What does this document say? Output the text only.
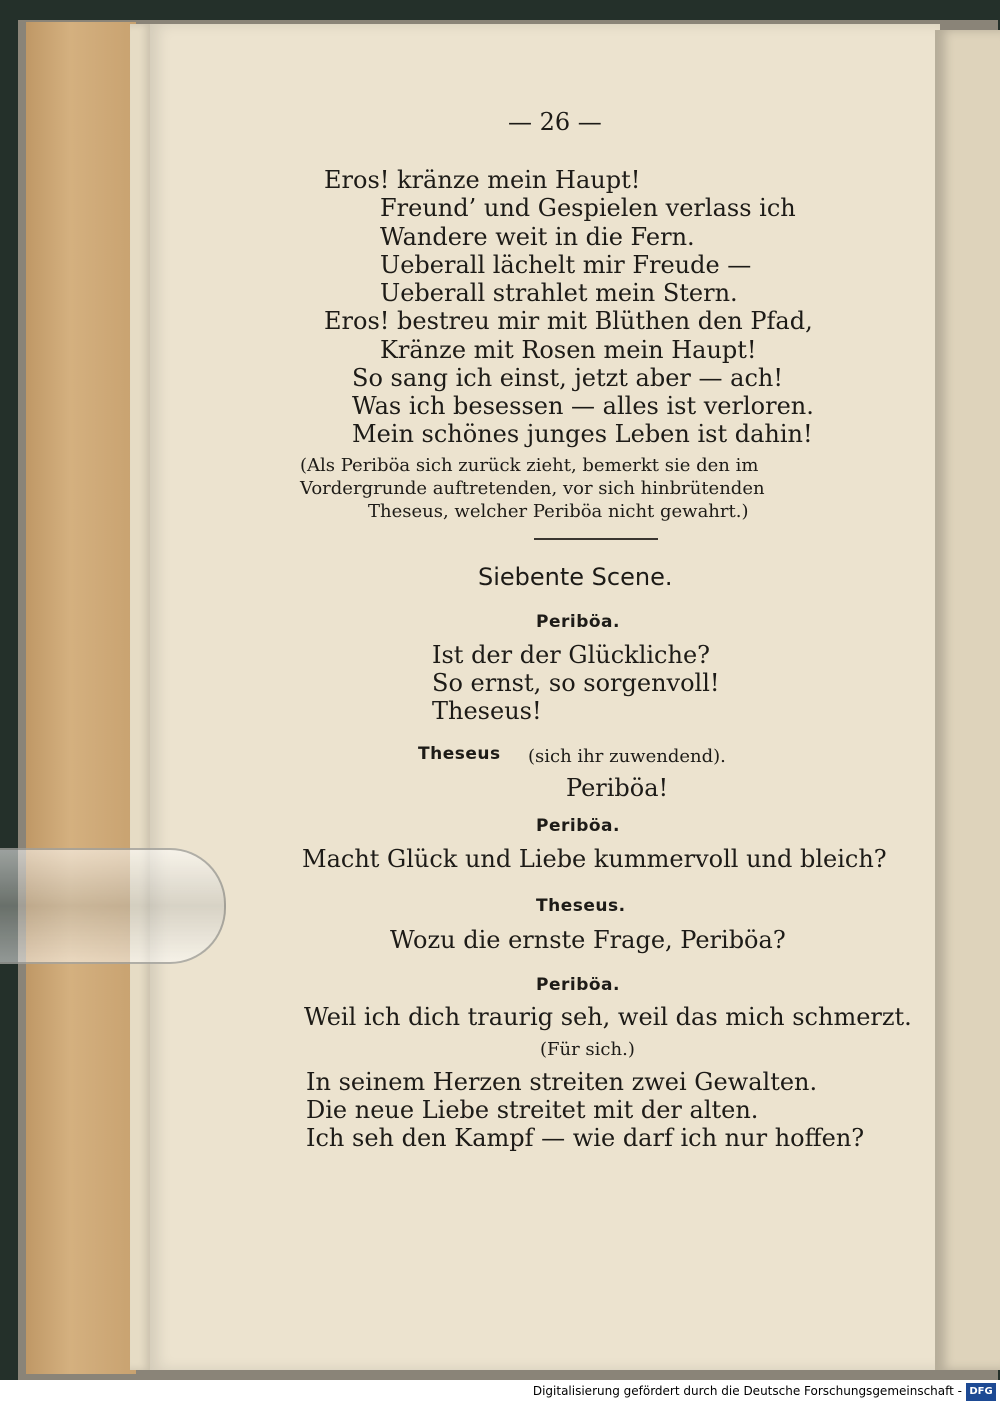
— 26 —
Eros! kränze mein Haupt!
Freund’ und Gespielen verlass ich
Wandere weit in die Fern.
Ueberall lächelt mir Freude —
Ueberall strahlet mein Stern.
Eros! bestreu mir mit Blüthen den Pfad,
Kränze mit Rosen mein Haupt!
So sang ich einst, jetzt aber — ach!
Was ich besessen — alles ist verloren.
Mein schönes junges Leben ist dahin!
(Als Periböa sich zurück zieht, bemerkt sie den im
Vordergrunde auftretenden, vor sich hinbrütenden
Theseus, welcher Periböa nicht gewahrt.)
Siebente Scene.
Periböa.
Ist der der Glückliche?
So ernst, so sorgenvoll!
Theseus!
Theseus (sich ihr zuwendend).
Periböa!
Periböa.
Macht Glück und Liebe kummervoll und bleich?
Theseus.
Wozu die ernste Frage, Periböa?
Periböa.
Weil ich dich traurig seh, weil das mich schmerzt.
(Für sich.)
In seinem Herzen streiten zwei Gewalten.
Die neue Liebe streitet mit der alten.
Ich seh den Kampf — wie darf ich nur hoffen?
Digitalisierung gefördert durch die Deutsche Forschungsgemeinschaft - DFG
